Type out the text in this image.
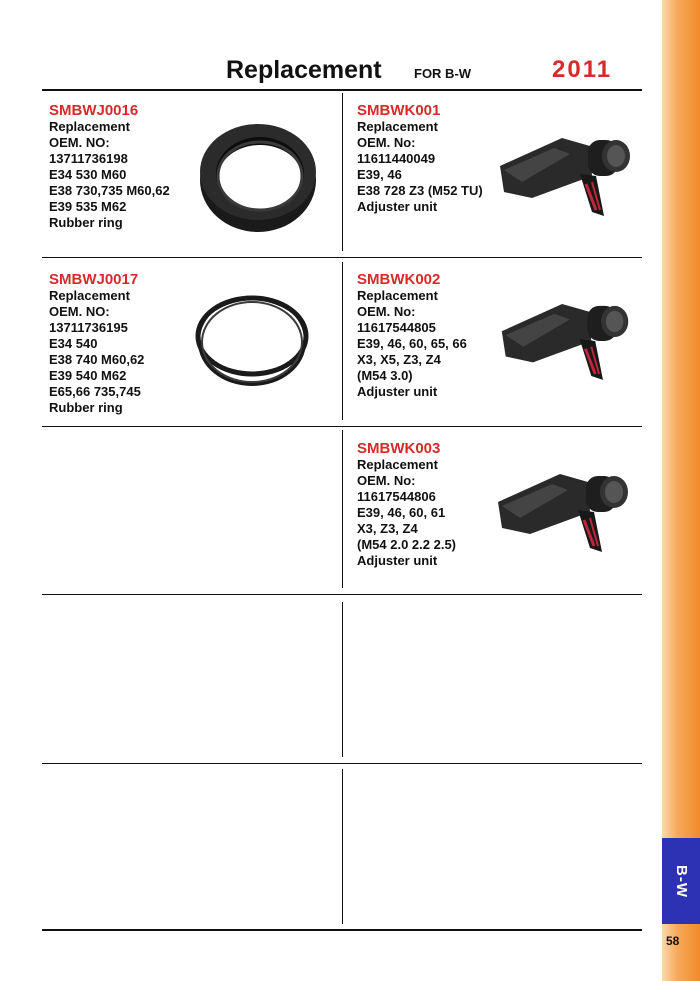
B-W
58
Replacement FOR B-W	2011
SMBWJ0016
Replacement
OEM. NO:
13711736198
E34 530 M60
E38 730,735 M60,62
E39 535 M62
Rubber ring
SMBWK001
Replacement
OEM. No:
11611440049
E39, 46
E38 728 Z3 (M52 TU)
Adjuster unit
SMBWJ0017
Replacement
OEM. NO:
13711736195
E34 540
E38 740 M60,62
E39 540 M62
E65,66 735,745
Rubber ring
SMBWK002
Replacement
OEM. No:
11617544805
E39, 46, 60, 65, 66
X3, X5, Z3, Z4
(M54 3.0)
Adjuster unit
SMBWK003
Replacement
OEM. No:
11617544806
E39, 46, 60, 61
X3, Z3, Z4
(M54 2.0 2.2 2.5)
Adjuster unit
